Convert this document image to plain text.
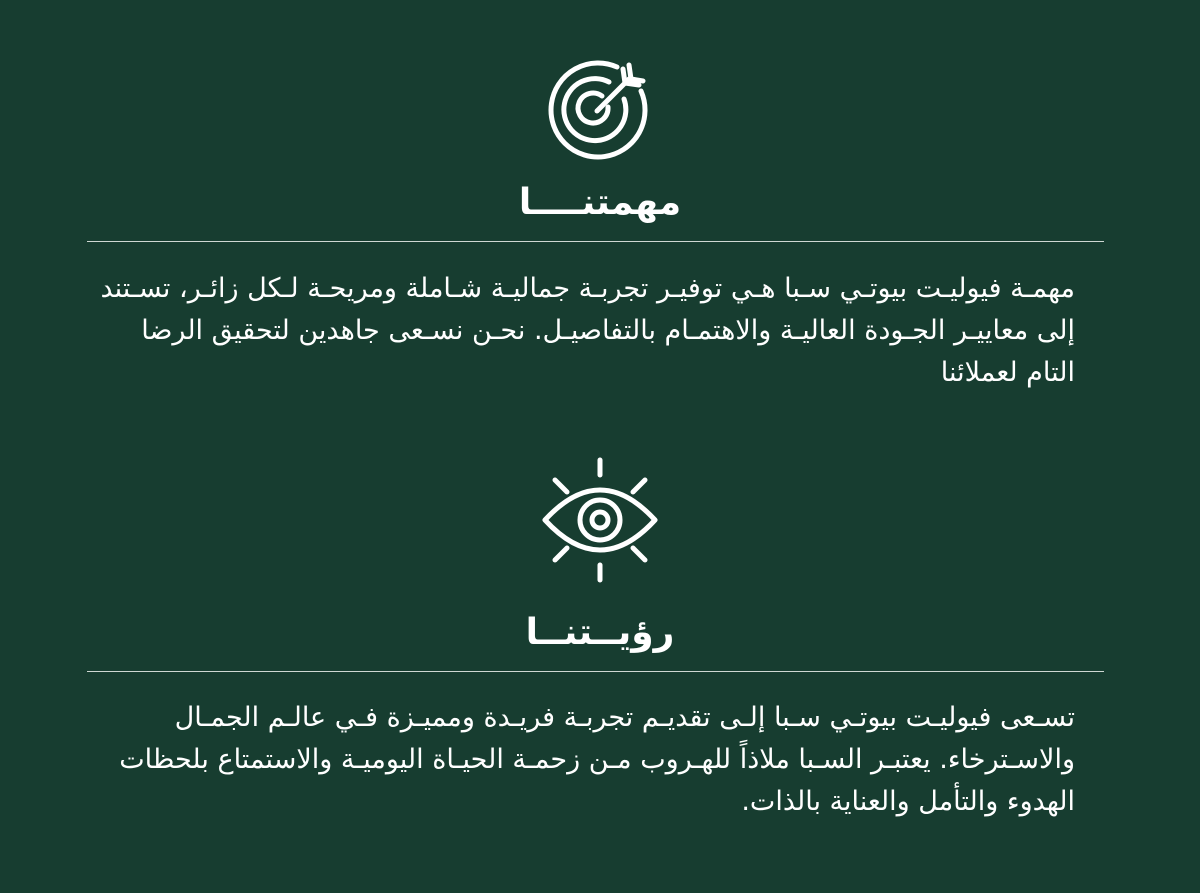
مهمتنــــا
مهمـة فيوليـت بيوتـي سـبا هـي توفيـر تجربـة جماليـة شـاملة ومريحـة لـكل زائـر، تسـتند إلى معاييـر الجـودة العاليـة والاهتمـام بالتفاصيـل. نحـن نسـعى جاهدين لتحقيق الرضا التام لعملائنا
رؤيــتنــا
تسـعى فيوليـت بيوتـي سـبا إلـى تقديـم تجربـة فريـدة ومميـزة فـي عالـم الجمـال والاسـترخاء. يعتبـر السـبا ملاذاً للهـروب مـن زحمـة الحيـاة اليوميـة والاستمتاع بلحظات الهدوء والتأمل والعناية بالذات.
